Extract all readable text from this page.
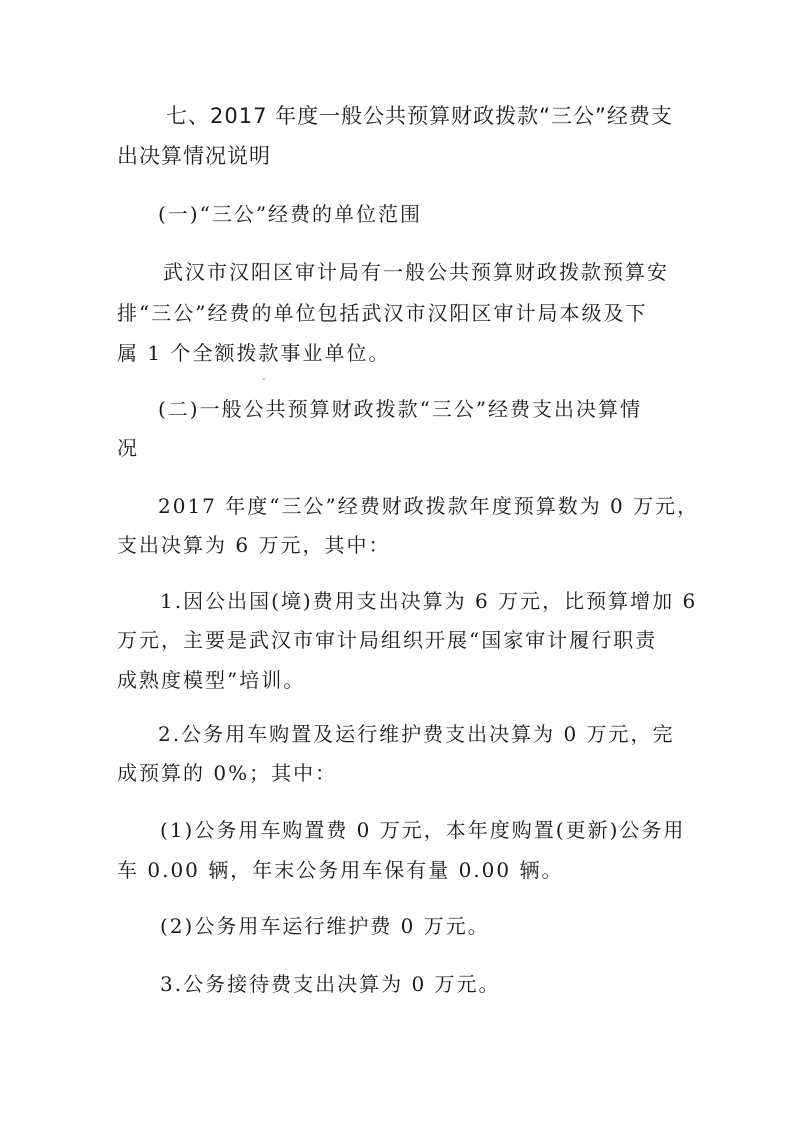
七、2017 年度一般公共预算财政拨款“三公”经费支
出决算情况说明
(一)“三公”经费的单位范围
武汉市汉阳区审计局有一般公共预算财政拨款预算安
排“三公”经费的单位包括武汉市汉阳区审计局本级及下
属 1 个全额拨款事业单位。
(二)一般公共预算财政拨款“三公”经费支出决算情
况
2017 年度“三公”经费财政拨款年度预算数为 0 万元，
支出决算为 6 万元，其中：
1.因公出国(境)费用支出决算为 6 万元，比预算增加 6
万元，主要是武汉市审计局组织开展“国家审计履行职责
成熟度模型”培训。
2.公务用车购置及运行维护费支出决算为 0 万元，完
成预算的 0%；其中：
(1)公务用车购置费 0 万元，本年度购置(更新)公务用
车 0.00 辆，年末公务用车保有量 0.00 辆。
(2)公务用车运行维护费 0 万元。
3.公务接待费支出决算为 0 万元。
